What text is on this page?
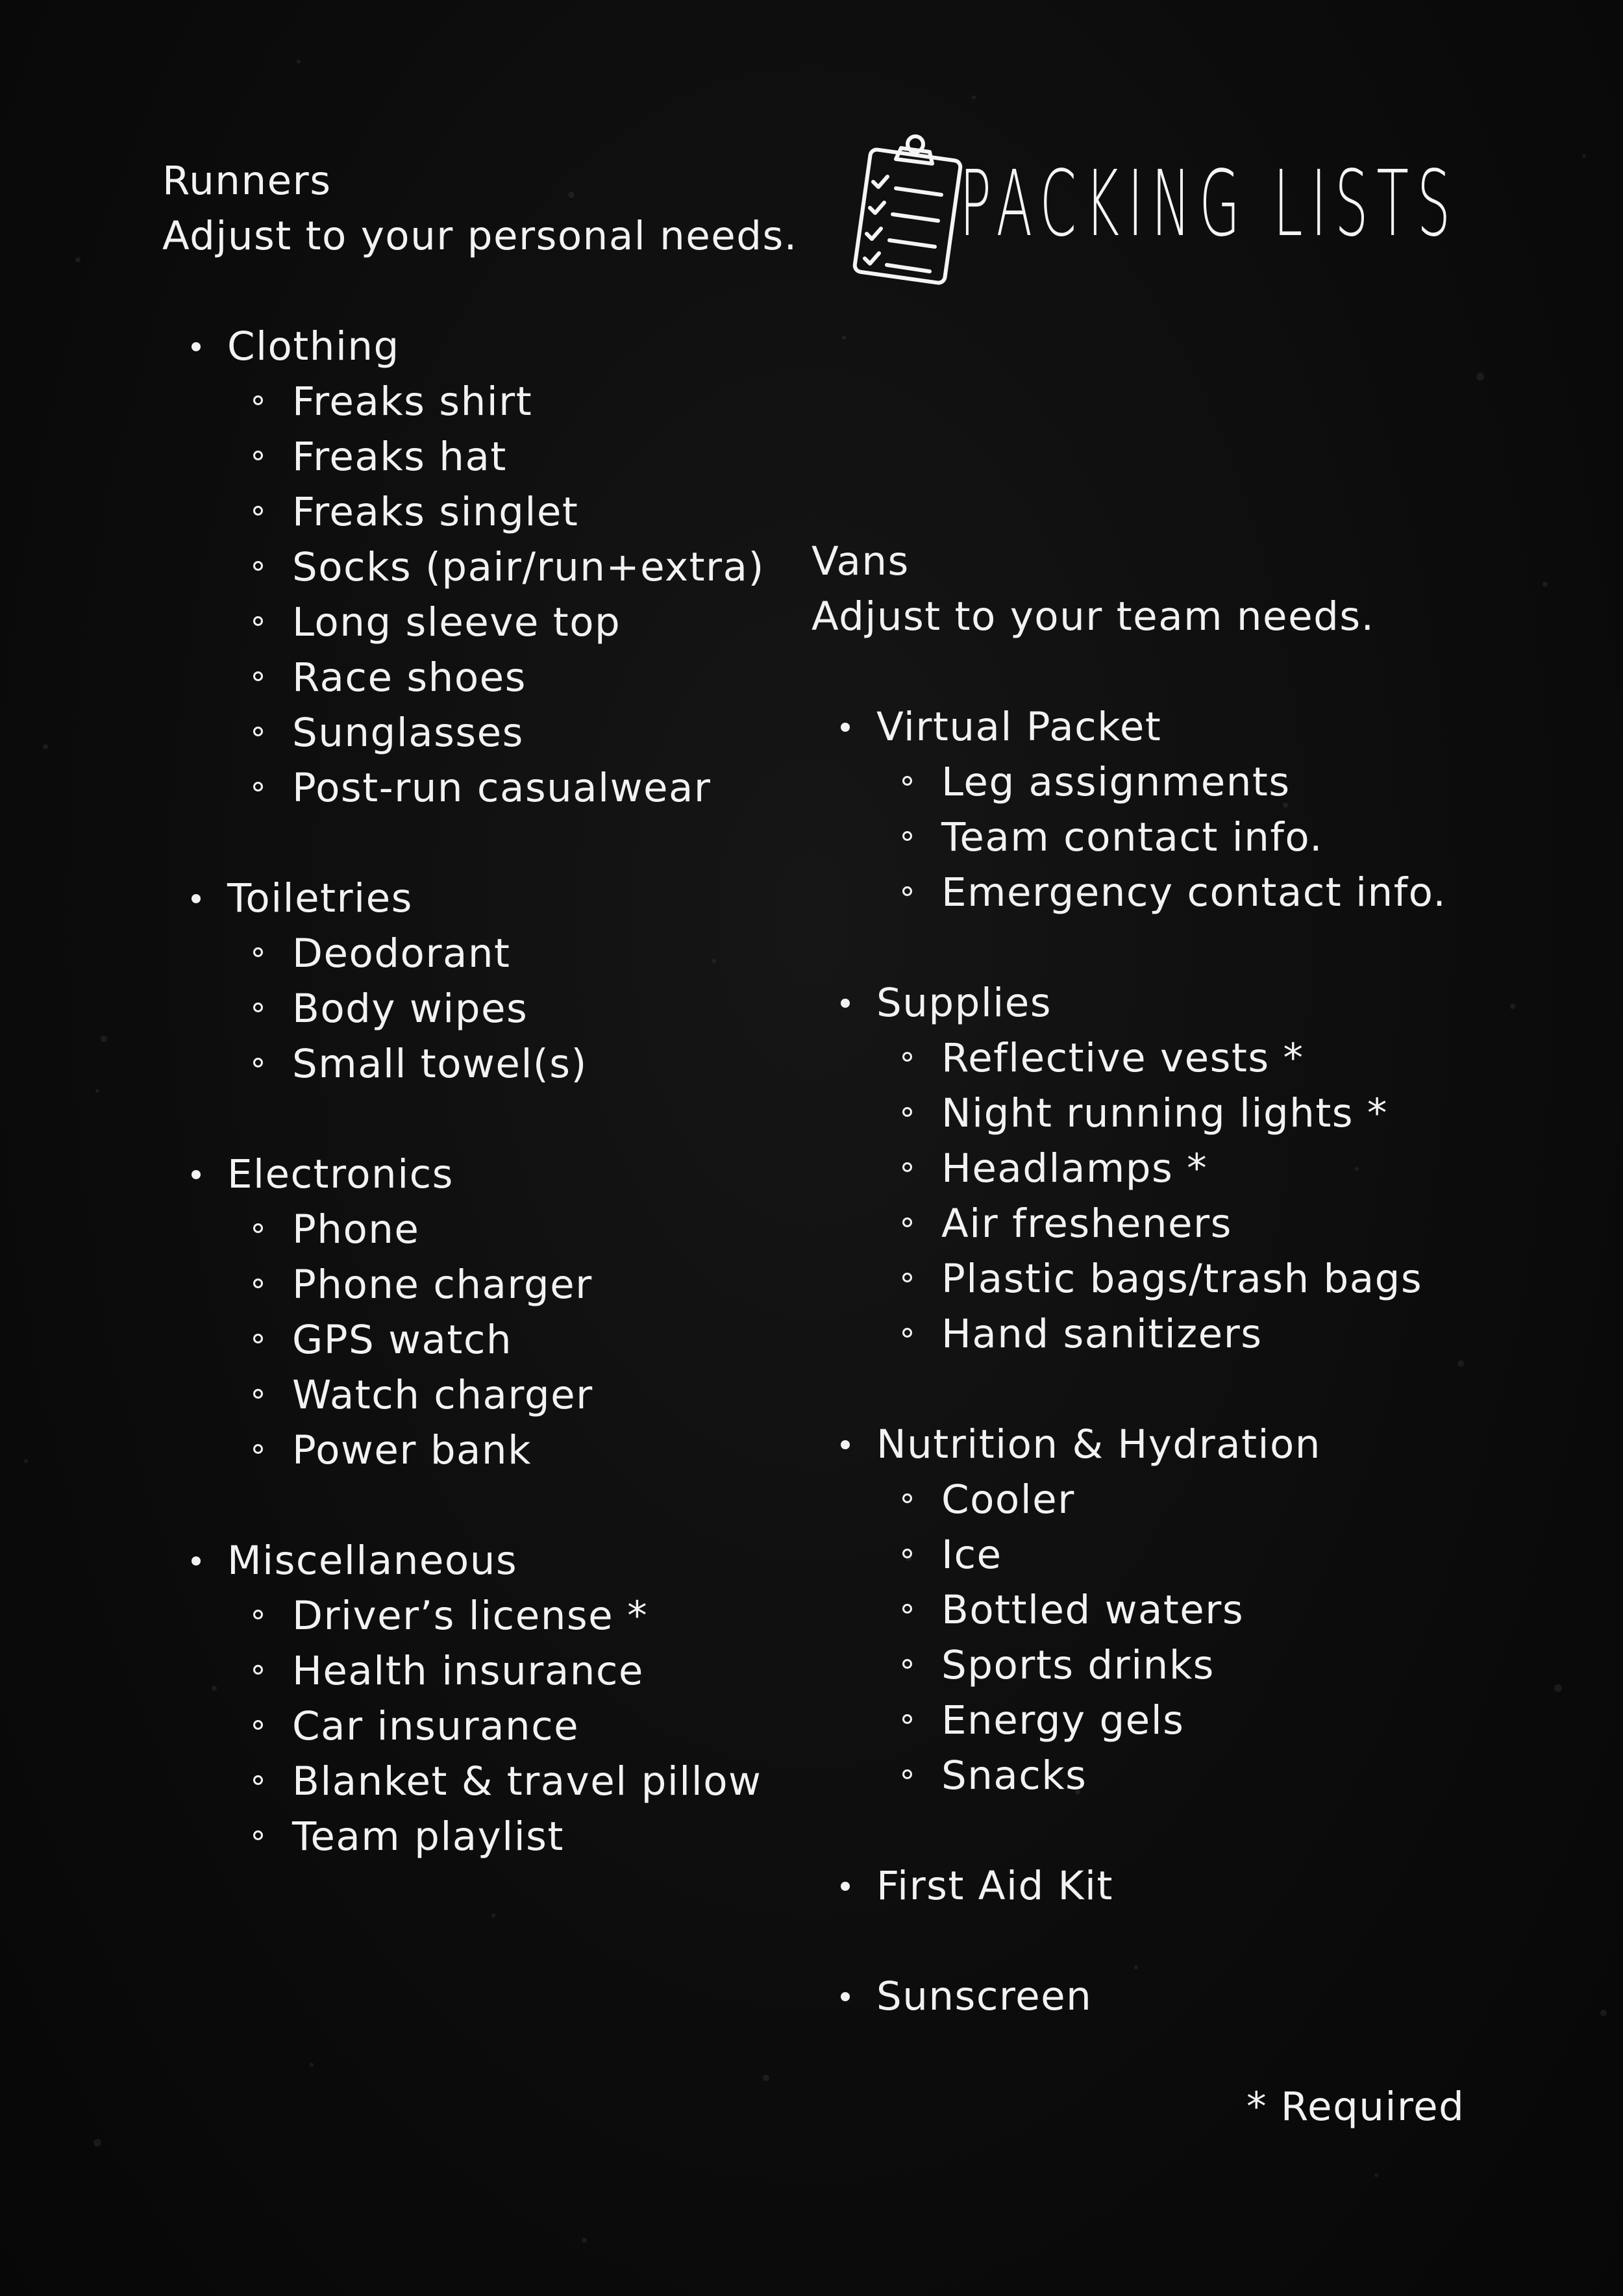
PACKING LISTS
Runners

Adjust to your personal needs.

Clothing
Freaks shirt
Freaks hat
Freaks singlet
Socks (pair/run+extra)
Long sleeve top
Race shoes
Sunglasses
Post-run casualwear
Toiletries
Deodorant
Body wipes
Small towel(s)
Electronics
Phone
Phone charger
GPS watch
Watch charger
Power bank
Miscellaneous
Driver’s license *
Health insurance
Car insurance
Blanket & travel pillow
Team playlist
Vans

Adjust to your team needs.

Virtual Packet
Leg assignments
Team contact info.
Emergency contact info.
Supplies
Reflective vests *
Night running lights *
Headlamps *
Air fresheners
Plastic bags/trash bags
Hand sanitizers
Nutrition & Hydration
Cooler
Ice
Bottled waters
Sports drinks
Energy gels
Snacks
First Aid Kit
Sunscreen
* Required
